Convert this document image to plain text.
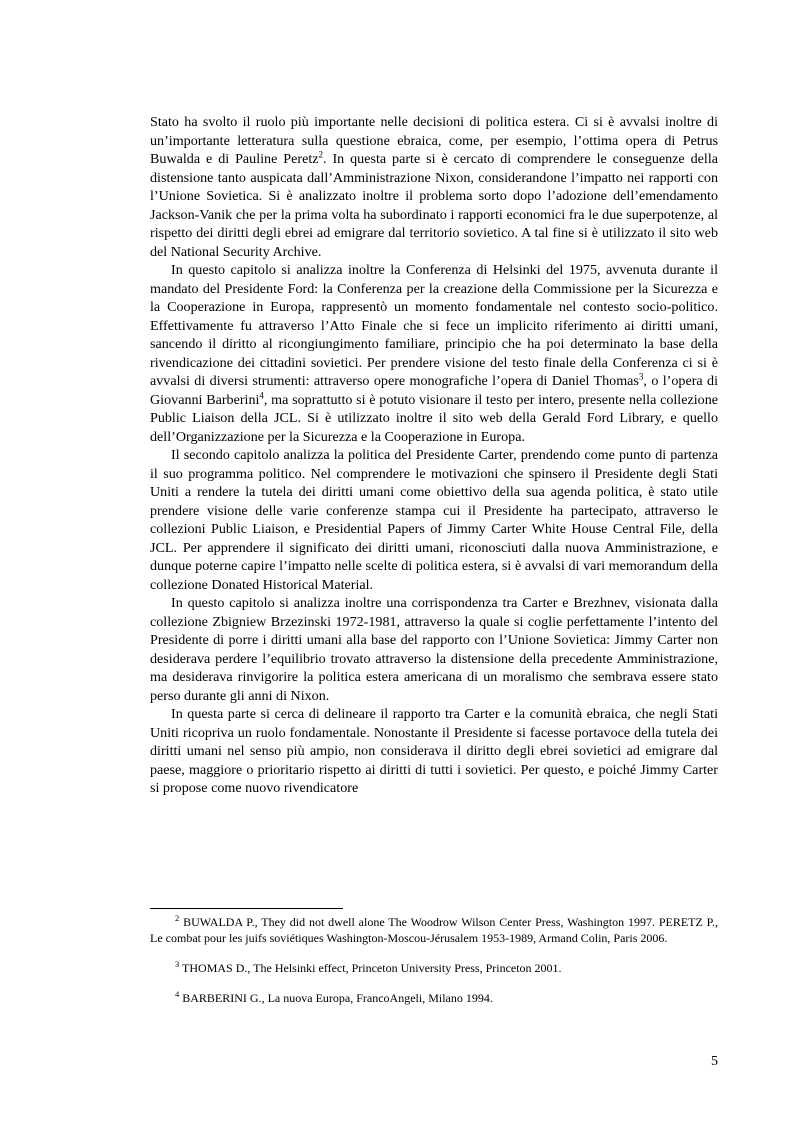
Stato ha svolto il ruolo più importante nelle decisioni di politica estera. Ci si è avvalsi inoltre di un’importante letteratura sulla questione ebraica, come, per esempio, l’ottima opera di Petrus Buwalda e di Pauline Peretz$^2$. In questa parte si è cercato di comprendere le conseguenze della distensione tanto auspicata dall’Amministrazione Nixon, considerandone l’impatto nei rapporti con l’Unione Sovietica. Si è analizzato inoltre il problema sorto dopo l’adozione dell’emendamento Jackson-Vanik che per la prima volta ha subordinato i rapporti economici fra le due superpotenze, al rispetto dei diritti degli ebrei ad emigrare dal territorio sovietico. A tal fine si è utilizzato il sito web del National Security Archive.

In questo capitolo si analizza inoltre la Conferenza di Helsinki del 1975, avvenuta durante il mandato del Presidente Ford: la Conferenza per la creazione della Commissione per la Sicurezza e la Cooperazione in Europa, rappresentò un momento fondamentale nel contesto socio-politico. Effettivamente fu attraverso l’Atto Finale che si fece un implicito riferimento ai diritti umani, sancendo il diritto al ricongiungimento familiare, principio che ha poi determinato la base della rivendicazione dei cittadini sovietici. Per prendere visione del testo finale della Conferenza ci si è avvalsi di diversi strumenti: attraverso opere monografiche l’opera di Daniel Thomas$^3$, o l’opera di Giovanni Barberini$^4$, ma soprattutto si è potuto visionare il testo per intero, presente nella collezione Public Liaison della JCL. Si è utilizzato inoltre il sito web della Gerald Ford Library, e quello dell’Organizzazione per la Sicurezza e la Cooperazione in Europa.

Il secondo capitolo analizza la politica del Presidente Carter, prendendo come punto di partenza il suo programma politico. Nel comprendere le motivazioni che spinsero il Presidente degli Stati Uniti a rendere la tutela dei diritti umani come obiettivo della sua agenda politica, è stato utile prendere visione delle varie conferenze stampa cui il Presidente ha partecipato, attraverso le collezioni Public Liaison, e Presidential Papers of Jimmy Carter White House Central File, della JCL. Per apprendere il significato dei diritti umani, riconosciuti dalla nuova Amministrazione, e dunque poterne capire l’impatto nelle scelte di politica estera, si è avvalsi di vari memorandum della collezione Donated Historical Material.

In questo capitolo si analizza inoltre una corrispondenza tra Carter e Brezhnev, visionata dalla collezione Zbigniew Brzezinski 1972-1981, attraverso la quale si coglie perfettamente l’intento del Presidente di porre i diritti umani alla base del rapporto con l’Unione Sovietica: Jimmy Carter non desiderava perdere l’equilibrio trovato attraverso la distensione della precedente Amministrazione, ma desiderava rinvigorire la politica estera americana di un moralismo che sembrava essere stato perso durante gli anni di Nixon.

In questa parte si cerca di delineare il rapporto tra Carter e la comunità ebraica, che negli Stati Uniti ricopriva un ruolo fondamentale. Nonostante il Presidente si facesse portavoce della tutela dei diritti umani nel senso più ampio, non considerava il diritto degli ebrei sovietici ad emigrare dal paese, maggiore o prioritario rispetto ai diritti di tutti i sovietici. Per questo, e poiché Jimmy Carter si propose come nuovo rivendicatore

$^2$ BUWALDA P., They did not dwell alone The Woodrow Wilson Center Press, Washington 1997. PERETZ P., Le combat pour les juifs soviétiques Washington-Moscou-Jérusalem 1953-1989, Armand Colin, Paris 2006.

$^3$ THOMAS D., The Helsinki effect, Princeton University Press, Princeton 2001.

$^4$ BARBERINI G., La nuova Europa, FrancoAngeli, Milano 1994.

5
